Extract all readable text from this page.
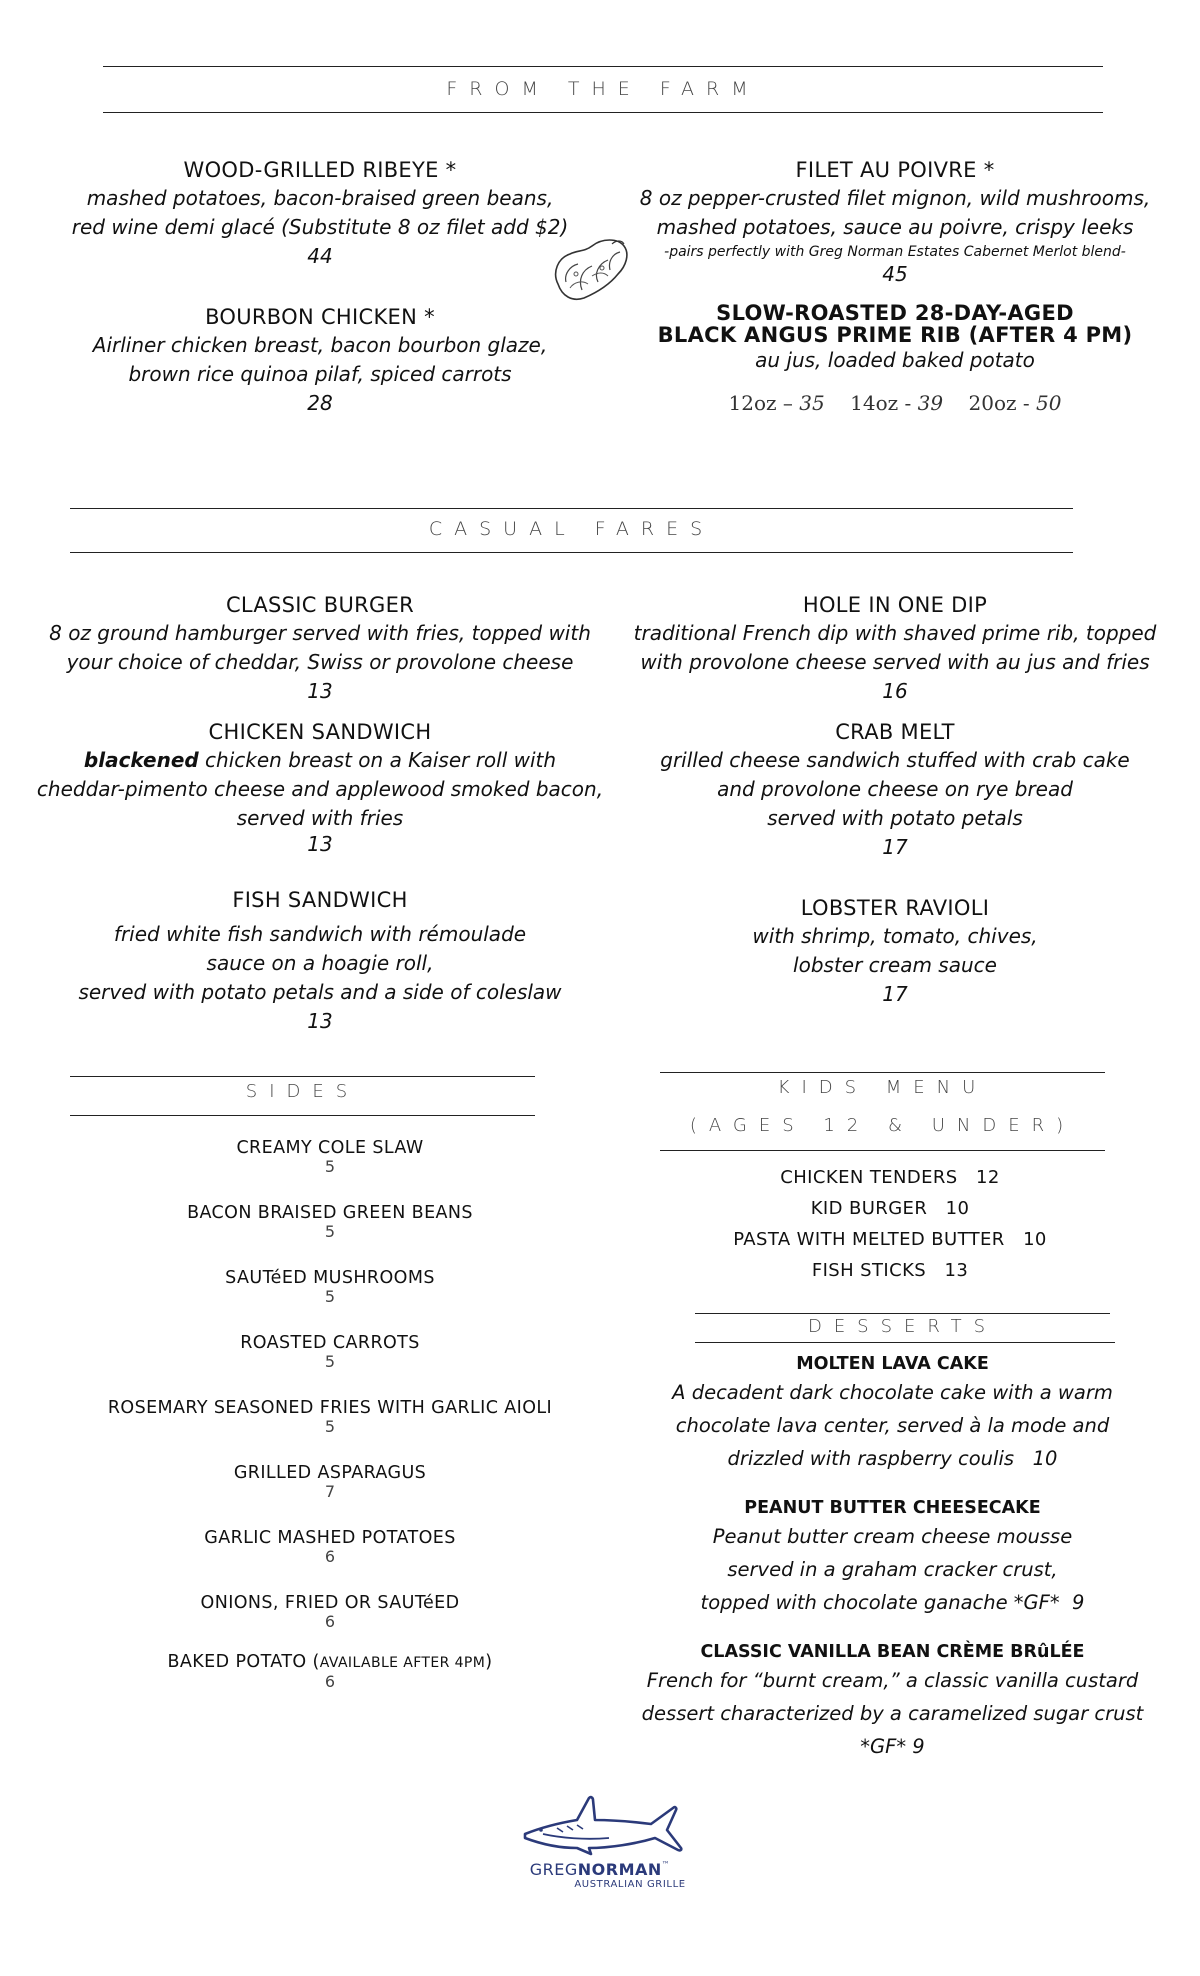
FROM THE FARM
WOOD-GRILLED RIBEYE *
mashed potatoes, bacon-braised green beans,
red wine demi glacé (Substitute 8 oz filet add $2)
44
BOURBON CHICKEN *
Airliner chicken breast, bacon bourbon glaze,
brown rice quinoa pilaf, spiced carrots
28
FILET AU POIVRE *
8 oz pepper-crusted filet mignon, wild mushrooms,
mashed potatoes, sauce au poivre, crispy leeks
-pairs perfectly with Greg Norman Estates Cabernet Merlot blend-
45
SLOW-ROASTED 28-DAY-AGED
BLACK ANGUS PRIME RIB (AFTER 4 PM)
au jus, loaded baked potato
12oz – 35 14oz - 39 20oz - 50
CASUAL FARES
CLASSIC BURGER
8 oz ground hamburger served with fries, topped with
your choice of cheddar, Swiss or provolone cheese
13
CHICKEN SANDWICH
blackened chicken breast on a Kaiser roll with
cheddar-pimento cheese and applewood smoked bacon,
served with fries
13
FISH SANDWICH
fried white fish sandwich with rémoulade
sauce on a hoagie roll,
served with potato petals and a side of coleslaw
13
HOLE IN ONE DIP
traditional French dip with shaved prime rib, topped
with provolone cheese served with au jus and fries
16
CRAB MELT
grilled cheese sandwich stuffed with crab cake
and provolone cheese on rye bread
served with potato petals
17
LOBSTER RAVIOLI
with shrimp, tomato, chives,
lobster cream sauce
17
SIDES
CREAMY COLE SLAW
5
BACON BRAISED GREEN BEANS
5
SAUTéED MUSHROOMS
5
ROASTED CARROTS
5
ROSEMARY SEASONED FRIES WITH GARLIC AIOLI
5
GRILLED ASPARAGUS
7
GARLIC MASHED POTATOES
6
ONIONS, FRIED OR SAUTéED
6
BAKED POTATO (AVAILABLE AFTER 4PM)
6
KIDS MENU
(AGES 12 & UNDER)
CHICKEN TENDERS   12
KID BURGER   10
PASTA WITH MELTED BUTTER   10
FISH STICKS   13
DESSERTS
MOLTEN LAVA CAKE
A decadent dark chocolate cake with a warm
chocolate lava center, served à la mode and
drizzled with raspberry coulis   10
PEANUT BUTTER CHEESECAKE
Peanut butter cream cheese mousse
served in a graham cracker crust,
topped with chocolate ganache *GF*  9
CLASSIC VANILLA BEAN CRÈME BRûLÉE
French for “burnt cream,” a classic vanilla custard
dessert characterized by a caramelized sugar crust
*GF* 9
GREGNORMAN™
AUSTRALIAN GRILLE
